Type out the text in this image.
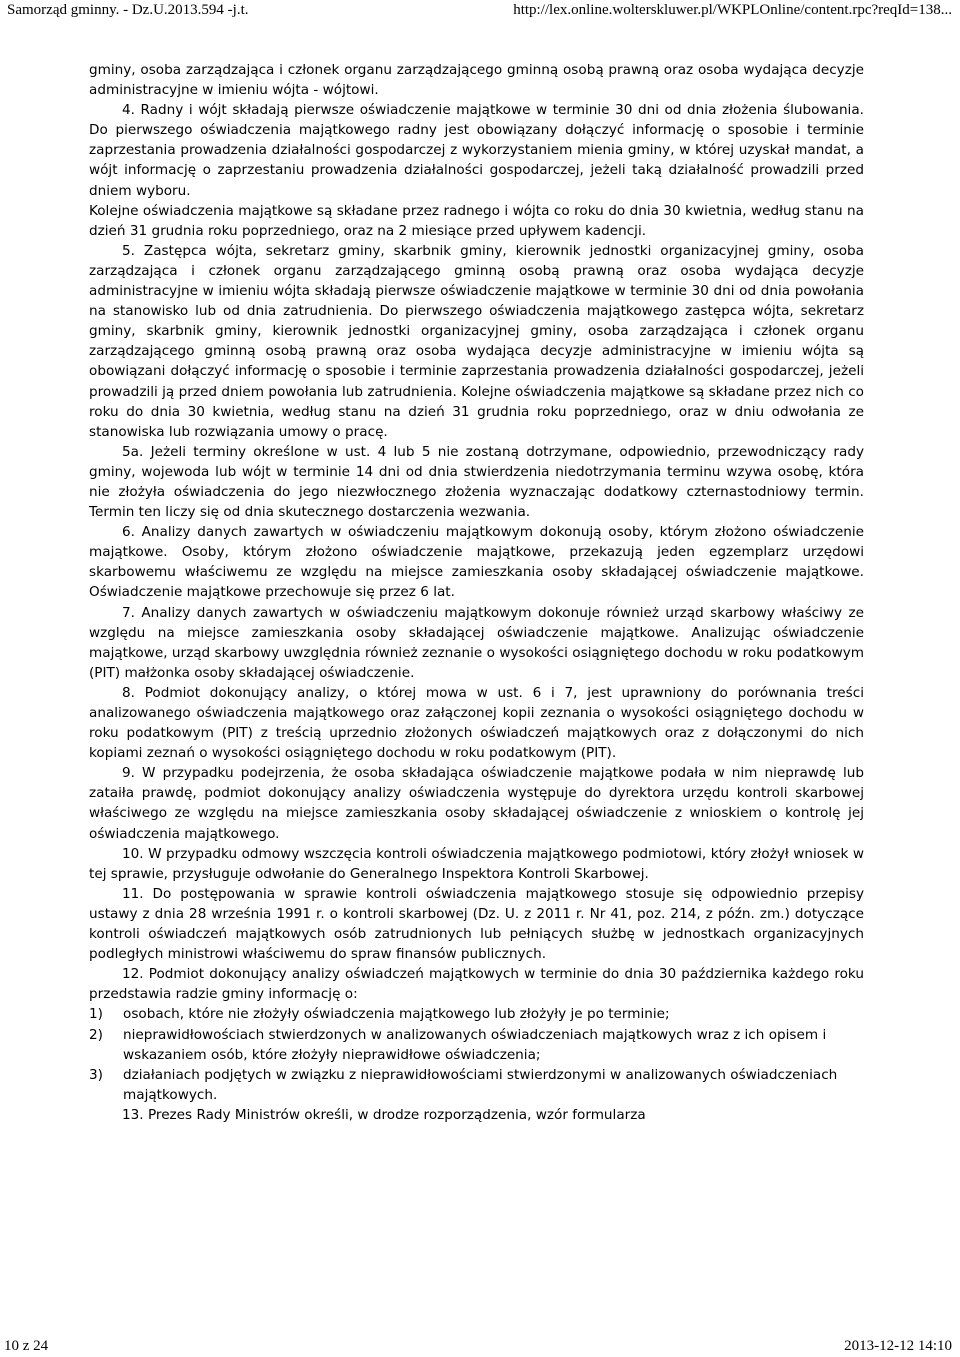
Samorząd gminny. - Dz.U.2013.594 -j.t.	http://lex.online.wolterskluwer.pl/WKPLOnline/content.rpc?reqId=138...

gminy, osoba zarządzająca i członek organu zarządzającego gminną osobą prawną oraz osoba wydająca decyzje administracyjne w imieniu wójta - wójtowi.

4. Radny i wójt składają pierwsze oświadczenie majątkowe w terminie 30 dni od dnia złożenia ślubowania. Do pierwszego oświadczenia majątkowego radny jest obowiązany dołączyć informację o sposobie i terminie zaprzestania prowadzenia działalności gospodarczej z wykorzystaniem mienia gminy, w której uzyskał mandat, a wójt informację o zaprzestaniu prowadzenia działalności gospodarczej, jeżeli taką działalność prowadzili przed dniem wyboru.

Kolejne oświadczenia majątkowe są składane przez radnego i wójta co roku do dnia 30 kwietnia, według stanu na dzień 31 grudnia roku poprzedniego, oraz na 2 miesiące przed upływem kadencji.

5. Zastępca wójta, sekretarz gminy, skarbnik gminy, kierownik jednostki organizacyjnej gminy, osoba zarządzająca i członek organu zarządzającego gminną osobą prawną oraz osoba wydająca decyzje administracyjne w imieniu wójta składają pierwsze oświadczenie majątkowe w terminie 30 dni od dnia powołania na stanowisko lub od dnia zatrudnienia. Do pierwszego oświadczenia majątkowego zastępca wójta, sekretarz gminy, skarbnik gminy, kierownik jednostki organizacyjnej gminy, osoba zarządzająca i członek organu zarządzającego gminną osobą prawną oraz osoba wydająca decyzje administracyjne w imieniu wójta są obowiązani dołączyć informację o sposobie i terminie zaprzestania prowadzenia działalności gospodarczej, jeżeli prowadzili ją przed dniem powołania lub zatrudnienia. Kolejne oświadczenia majątkowe są składane przez nich co roku do dnia 30 kwietnia, według stanu na dzień 31 grudnia roku poprzedniego, oraz w dniu odwołania ze stanowiska lub rozwiązania umowy o pracę.

5a. Jeżeli terminy określone w ust. 4 lub 5 nie zostaną dotrzymane, odpowiednio, przewodniczący rady gminy, wojewoda lub wójt w terminie 14 dni od dnia stwierdzenia niedotrzymania terminu wzywa osobę, która nie złożyła oświadczenia do jego niezwłocznego złożenia wyznaczając dodatkowy czternastodniowy termin. Termin ten liczy się od dnia skutecznego dostarczenia wezwania.

6. Analizy danych zawartych w oświadczeniu majątkowym dokonują osoby, którym złożono oświadczenie majątkowe. Osoby, którym złożono oświadczenie majątkowe, przekazują jeden egzemplarz urzędowi skarbowemu właściwemu ze względu na miejsce zamieszkania osoby składającej oświadczenie majątkowe. Oświadczenie majątkowe przechowuje się przez 6 lat.

7. Analizy danych zawartych w oświadczeniu majątkowym dokonuje również urząd skarbowy właściwy ze względu na miejsce zamieszkania osoby składającej oświadczenie majątkowe. Analizując oświadczenie majątkowe, urząd skarbowy uwzględnia również zeznanie o wysokości osiągniętego dochodu w roku podatkowym (PIT) małżonka osoby składającej oświadczenie.

8. Podmiot dokonujący analizy, o której mowa w ust. 6 i 7, jest uprawniony do porównania treści analizowanego oświadczenia majątkowego oraz załączonej kopii zeznania o wysokości osiągniętego dochodu w roku podatkowym (PIT) z treścią uprzednio złożonych oświadczeń majątkowych oraz z dołączonymi do nich kopiami zeznań o wysokości osiągniętego dochodu w roku podatkowym (PIT).

9. W przypadku podejrzenia, że osoba składająca oświadczenie majątkowe podała w nim nieprawdę lub zataiła prawdę, podmiot dokonujący analizy oświadczenia występuje do dyrektora urzędu kontroli skarbowej właściwego ze względu na miejsce zamieszkania osoby składającej oświadczenie z wnioskiem o kontrolę jej oświadczenia majątkowego.

10. W przypadku odmowy wszczęcia kontroli oświadczenia majątkowego podmiotowi, który złożył wniosek w tej sprawie, przysługuje odwołanie do Generalnego Inspektora Kontroli Skarbowej.

11. Do postępowania w sprawie kontroli oświadczenia majątkowego stosuje się odpowiednio przepisy ustawy z dnia 28 września 1991 r. o kontroli skarbowej (Dz. U. z 2011 r. Nr 41, poz. 214, z późn. zm.) dotyczące kontroli oświadczeń majątkowych osób zatrudnionych lub pełniących służbę w jednostkach organizacyjnych podległych ministrowi właściwemu do spraw finansów publicznych.

12. Podmiot dokonujący analizy oświadczeń majątkowych w terminie do dnia 30 października każdego roku przedstawia radzie gminy informację o:

1) osobach, które nie złożyły oświadczenia majątkowego lub złożyły je po terminie;

2) nieprawidłowościach stwierdzonych w analizowanych oświadczeniach majątkowych wraz z ich opisem i wskazaniem osób, które złożyły nieprawidłowe oświadczenia;

3) działaniach podjętych w związku z nieprawidłowościami stwierdzonymi w analizowanych oświadczeniach majątkowych.

13. Prezes Rady Ministrów określi, w drodze rozporządzenia, wzór formularza

10 z 24	2013-12-12 14:10
